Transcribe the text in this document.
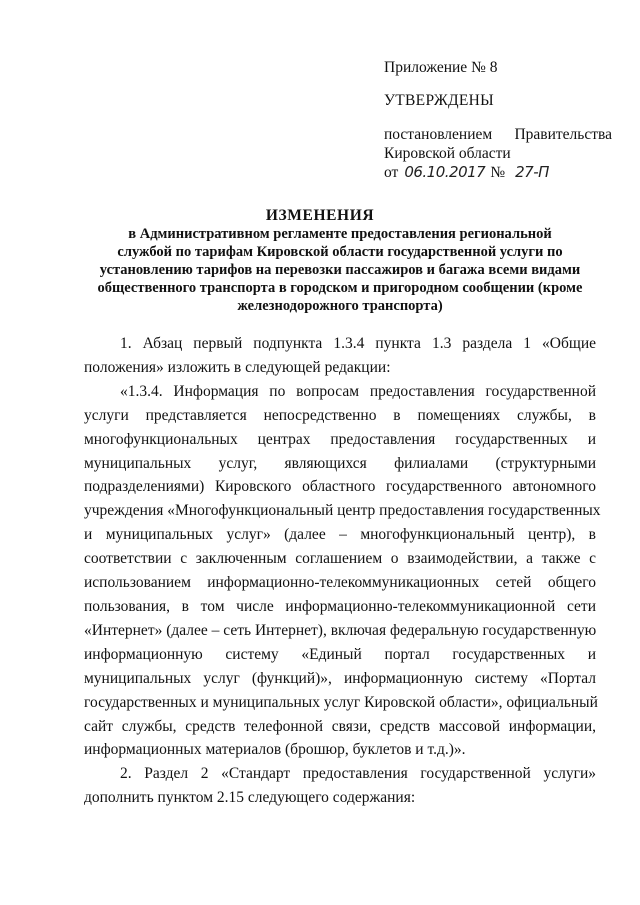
Приложение № 8
УТВЕРЖДЕНЫ
постановлением Правительства
Кировской области
от 06.10.2017 № 27-П
ИЗМЕНЕНИЯ
в Административном регламенте предоставления региональной
службой по тарифам Кировской области государственной услуги по
установлению тарифов на перевозки пассажиров и багажа всеми видами
общественного транспорта в городском и пригородном сообщении (кроме
железнодорожного транспорта)
1. Абзац первый подпункта 1.3.4 пункта 1.3 раздела 1 «Общие
положения» изложить в следующей редакции:
«1.3.4. Информация по вопросам предоставления государственной
услуги представляется непосредственно в помещениях службы, в
многофункциональных центрах предоставления государственных и
муниципальных услуг, являющихся филиалами (структурными
подразделениями) Кировского областного государственного автономного
учреждения «Многофункциональный центр предоставления государственных
и муниципальных услуг» (далее – многофункциональный центр), в
соответствии с заключенным соглашением о взаимодействии, а также с
использованием информационно-телекоммуникационных сетей общего
пользования, в том числе информационно-телекоммуникационной сети
«Интернет» (далее – сеть Интернет), включая федеральную государственную
информационную систему «Единый портал государственных и
муниципальных услуг (функций)», информационную систему «Портал
государственных и муниципальных услуг Кировской области», официальный
сайт службы, средств телефонной связи, средств массовой информации,
информационных материалов (брошюр, буклетов и т.д.)».
2. Раздел 2 «Стандарт предоставления государственной услуги»
дополнить пунктом 2.15 следующего содержания:
